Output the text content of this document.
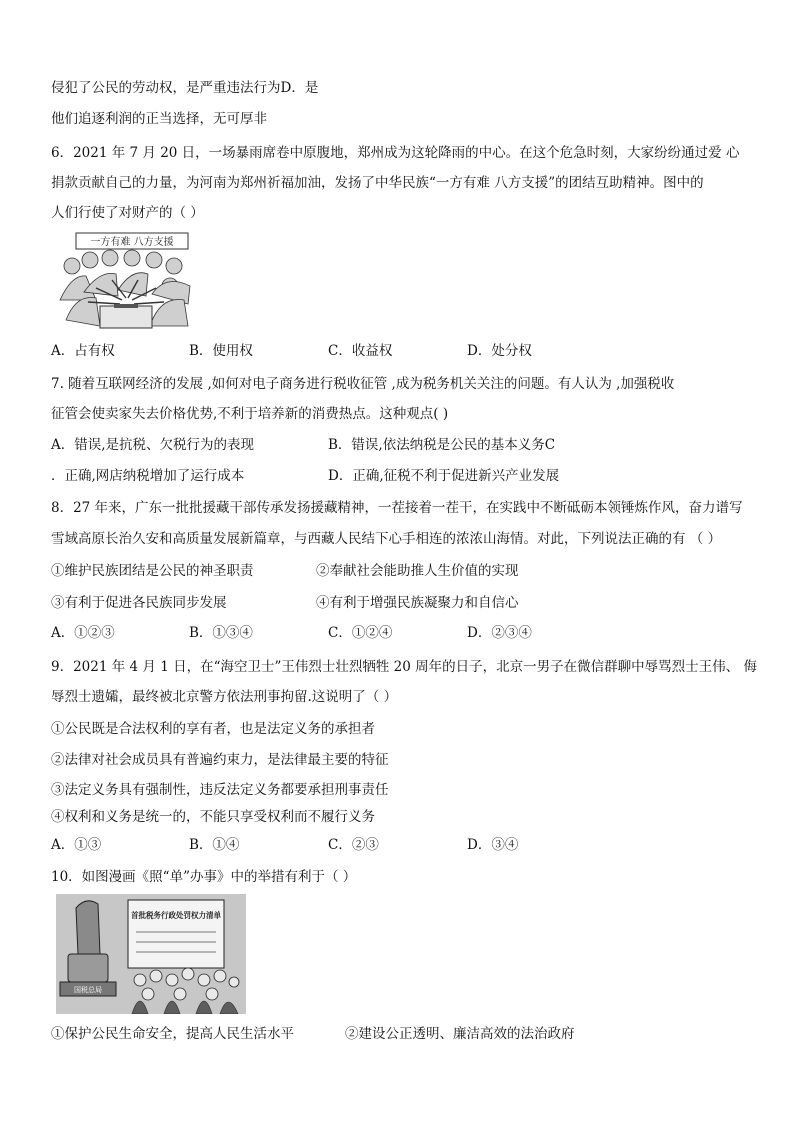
侵犯了公民的劳动权，是严重违法行为D．是
他们追逐利润的正当选择，无可厚非
6．2021 年 7 月 20 日，一场暴雨席卷中原腹地，郑州成为这轮降雨的中心。在这个危急时刻，大家纷纷通过爱 心
捐款贡献自己的力量，为河南为郑州祈福加油，发扬了中华民族“一方有难 八方支援”的团结互助精神。图中的
人们行使了对财产的（ ）
一方有难 八方支援
A．占有权	B．使用权	C．收益权	D．处分权
7. 随着互联网经济的发展 ,如何对电子商务进行税收征管 ,成为税务机关关注的问题。有人认为 ,加强税收
征管会使卖家失去价格优势,不利于培养新的消费热点。这种观点( )
A．错误,是抗税、欠税行为的表现	B．错误,依法纳税是公民的基本义务C
．正确,网店纳税增加了运行成本	D．正确,征税不利于促进新兴产业发展
8．27 年来，广东一批批援藏干部传承发扬援藏精神，一茬接着一茬干，在实践中不断砥砺本领锤炼作风，奋力谱写
雪域高原长治久安和高质量发展新篇章，与西藏人民结下心手相连的浓浓山海情。对此，下列说法正确的有 （ ）
①维护民族团结是公民的神圣职责	②奉献社会能助推人生价值的实现
③有利于促进各民族同步发展	④有利于增强民族凝聚力和自信心
A．①②③	B．①③④	C．①②④	D．②③④
9．2021 年 4 月 1 日，在“海空卫士”王伟烈士壮烈牺牲 20 周年的日子，北京一男子在微信群聊中辱骂烈士王伟、 侮
辱烈士遗孀，最终被北京警方依法刑事拘留.这说明了（ ）
①公民既是合法权利的享有者，也是法定义务的承担者
②法律对社会成员具有普遍约束力，是法律最主要的特征
③法定义务具有强制性，违反法定义务都要承担刑事责任
④权利和义务是统一的，不能只享受权利而不履行义务
A．①③	B．①④	C．②③	D．③④
10．如图漫画《照“单”办事》中的举措有利于（ ）
国税总局
首批税务行政处罚权力清单
①保护公民生命安全，提高人民生活水平	②建设公正透明、廉洁高效的法治政府
